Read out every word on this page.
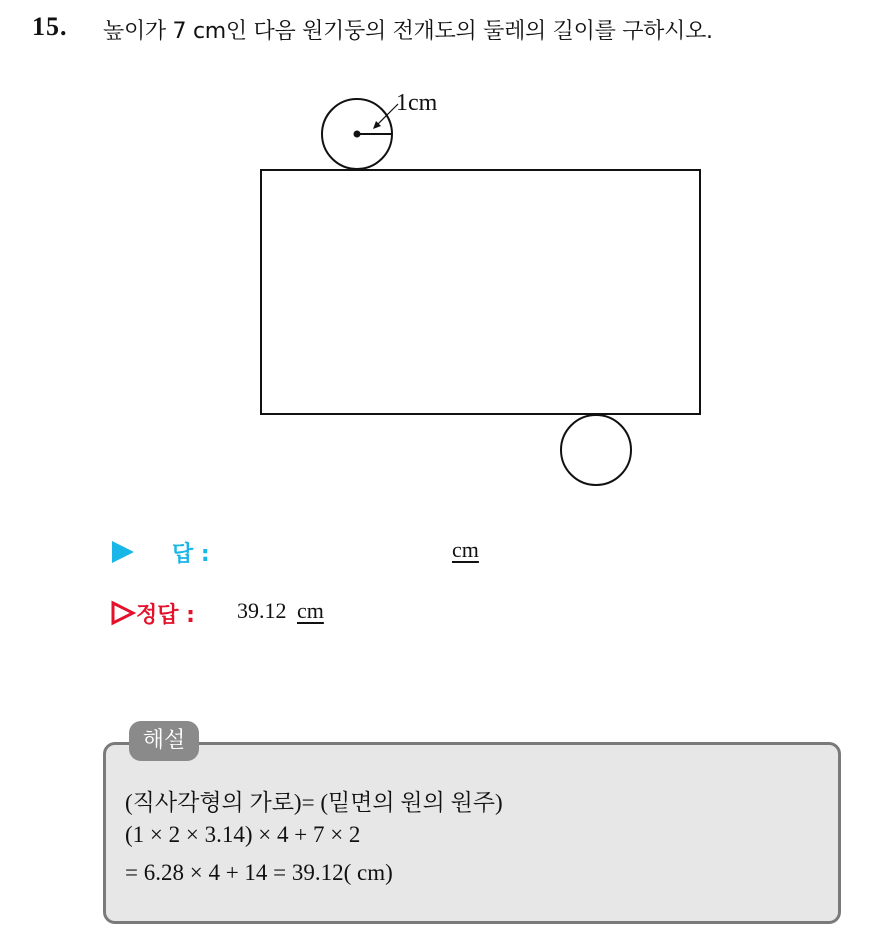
15. 높이가 7 cm인 다음 원기둥의 전개도의 둘레의 길이를 구하시오.
1cm
답 :	cm
정답 : 39.12 cm
해설
(직사각형의 가로)= (밑면의 원의 원주)
(1 × 2 × 3.14) × 4 + 7 × 2
= 6.28 × 4 + 14 = 39.12( cm)
